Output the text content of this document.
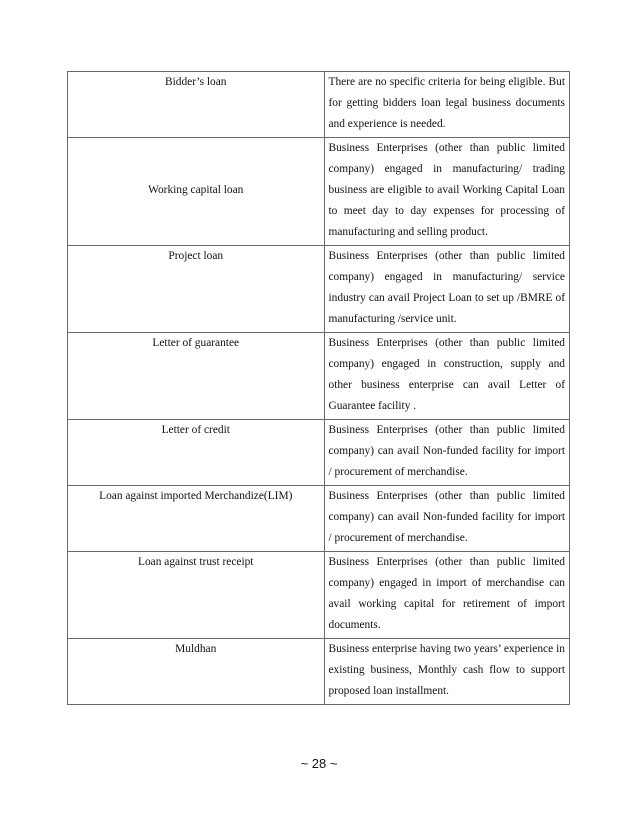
Bidder’s loan	There are no specific criteria for being eligible. But for getting bidders loan legal business documents and experience is needed.
Working capital loan	Business Enterprises (other than public limited company) engaged in manufacturing/ trading business are eligible to avail Working Capital Loan to meet day to day expenses for processing of manufacturing and selling product.
Project loan	Business Enterprises (other than public limited company) engaged in manufacturing/ service industry can avail Project Loan to set up /BMRE of manufacturing /service unit.
Letter of guarantee	Business Enterprises (other than public limited company) engaged in construction, supply and other business enterprise can avail Letter of Guarantee facility .
Letter of credit	Business Enterprises (other than public limited company) can avail Non-funded facility for import / procurement of merchandise.
Loan against imported Merchandize(LIM)	Business Enterprises (other than public limited company) can avail Non-funded facility for import / procurement of merchandise.
Loan against trust receipt	Business Enterprises (other than public limited company) engaged in import of merchandise can avail working capital for retirement of import documents.
Muldhan	Business enterprise having two years’ experience in existing business, Monthly cash flow to support proposed loan installment.
~ 28 ~
